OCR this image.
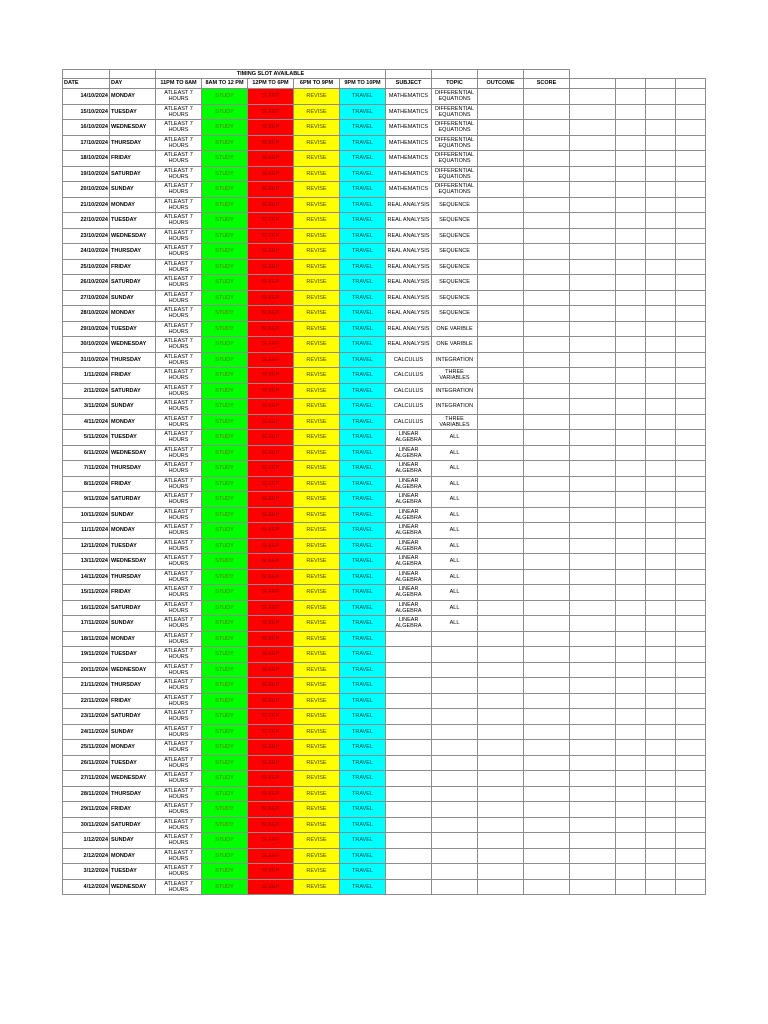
		TIMING SLOT AVAILABLE												
DATE	DAY	11PM TO 8AM	8AM TO 12 PM	12PM TO 6PM	6PM TO 9PM	9PM TO 10PM	SUBJECT	TOPIC	OUTCOME	SCORE				
14/10/2024	MONDAY	ATLEAST 7 HOURS	STUDY	SLEEP	REVISE	TRAVEL	MATHEMATICS	DIFFERENTIAL EQUATIONS						
15/10/2024	TUESDAY	ATLEAST 7 HOURS	STUDY	SLEEP	REVISE	TRAVEL	MATHEMATICS	DIFFERENTIAL EQUATIONS						
16/10/2024	WEDNESDAY	ATLEAST 7 HOURS	STUDY	SLEEP	REVISE	TRAVEL	MATHEMATICS	DIFFERENTIAL EQUATIONS						
17/10/2024	THURSDAY	ATLEAST 7 HOURS	STUDY	SLEEP	REVISE	TRAVEL	MATHEMATICS	DIFFERENTIAL EQUATIONS						
18/10/2024	FRIDAY	ATLEAST 7 HOURS	STUDY	SLEEP	REVISE	TRAVEL	MATHEMATICS	DIFFERENTIAL EQUATIONS						
19/10/2024	SATURDAY	ATLEAST 7 HOURS	STUDY	SLEEP	REVISE	TRAVEL	MATHEMATICS	DIFFERENTIAL EQUATIONS						
20/10/2024	SUNDAY	ATLEAST 7 HOURS	STUDY	SLEEP	REVISE	TRAVEL	MATHEMATICS	DIFFERENTIAL EQUATIONS						
21/10/2024	MONDAY	ATLEAST 7 HOURS	STUDY	SLEEP	REVISE	TRAVEL	REAL ANALYSIS	SEQUENCE						
22/10/2024	TUESDAY	ATLEAST 7 HOURS	STUDY	SLEEP	REVISE	TRAVEL	REAL ANALYSIS	SEQUENCE						
23/10/2024	WEDNESDAY	ATLEAST 7 HOURS	STUDY	SLEEP	REVISE	TRAVEL	REAL ANALYSIS	SEQUENCE						
24/10/2024	THURSDAY	ATLEAST 7 HOURS	STUDY	SLEEP	REVISE	TRAVEL	REAL ANALYSIS	SEQUENCE						
25/10/2024	FRIDAY	ATLEAST 7 HOURS	STUDY	SLEEP	REVISE	TRAVEL	REAL ANALYSIS	SEQUENCE						
26/10/2024	SATURDAY	ATLEAST 7 HOURS	STUDY	SLEEP	REVISE	TRAVEL	REAL ANALYSIS	SEQUENCE						
27/10/2024	SUNDAY	ATLEAST 7 HOURS	STUDY	SLEEP	REVISE	TRAVEL	REAL ANALYSIS	SEQUENCE						
28/10/2024	MONDAY	ATLEAST 7 HOURS	STUDY	SLEEP	REVISE	TRAVEL	REAL ANALYSIS	SEQUENCE						
29/10/2024	TUESDAY	ATLEAST 7 HOURS	STUDY	SLEEP	REVISE	TRAVEL	REAL ANALYSIS	ONE VARIBLE						
30/10/2024	WEDNESDAY	ATLEAST 7 HOURS	STUDY	SLEEP	REVISE	TRAVEL	REAL ANALYSIS	ONE VARIBLE						
31/10/2024	THURSDAY	ATLEAST 7 HOURS	STUDY	SLEEP	REVISE	TRAVEL	CALCULUS	INTEGRATION						
1/11/2024	FRIDAY	ATLEAST 7 HOURS	STUDY	SLEEP	REVISE	TRAVEL	CALCULUS	THREE VARIABLES						
2/11/2024	SATURDAY	ATLEAST 7 HOURS	STUDY	SLEEP	REVISE	TRAVEL	CALCULUS	INTEGRATION						
3/11/2024	SUNDAY	ATLEAST 7 HOURS	STUDY	SLEEP	REVISE	TRAVEL	CALCULUS	INTEGRATION						
4/11/2024	MONDAY	ATLEAST 7 HOURS	STUDY	SLEEP	REVISE	TRAVEL	CALCULUS	THREE VARIABLES						
5/11/2024	TUESDAY	ATLEAST 7 HOURS	STUDY	SLEEP	REVISE	TRAVEL	LINEAR ALGEBRA	ALL						
6/11/2024	WEDNESDAY	ATLEAST 7 HOURS	STUDY	SLEEP	REVISE	TRAVEL	LINEAR ALGEBRA	ALL						
7/11/2024	THURSDAY	ATLEAST 7 HOURS	STUDY	SLEEP	REVISE	TRAVEL	LINEAR ALGEBRA	ALL						
8/11/2024	FRIDAY	ATLEAST 7 HOURS	STUDY	SLEEP	REVISE	TRAVEL	LINEAR ALGEBRA	ALL						
9/11/2024	SATURDAY	ATLEAST 7 HOURS	STUDY	SLEEP	REVISE	TRAVEL	LINEAR ALGEBRA	ALL						
10/11/2024	SUNDAY	ATLEAST 7 HOURS	STUDY	SLEEP	REVISE	TRAVEL	LINEAR ALGEBRA	ALL						
11/11/2024	MONDAY	ATLEAST 7 HOURS	STUDY	SLEEP	REVISE	TRAVEL	LINEAR ALGEBRA	ALL						
12/11/2024	TUESDAY	ATLEAST 7 HOURS	STUDY	SLEEP	REVISE	TRAVEL	LINEAR ALGEBRA	ALL						
13/11/2024	WEDNESDAY	ATLEAST 7 HOURS	STUDY	SLEEP	REVISE	TRAVEL	LINEAR ALGEBRA	ALL						
14/11/2024	THURSDAY	ATLEAST 7 HOURS	STUDY	SLEEP	REVISE	TRAVEL	LINEAR ALGEBRA	ALL						
15/11/2024	FRIDAY	ATLEAST 7 HOURS	STUDY	SLEEP	REVISE	TRAVEL	LINEAR ALGEBRA	ALL						
16/11/2024	SATURDAY	ATLEAST 7 HOURS	STUDY	SLEEP	REVISE	TRAVEL	LINEAR ALGEBRA	ALL						
17/11/2024	SUNDAY	ATLEAST 7 HOURS	STUDY	SLEEP	REVISE	TRAVEL	LINEAR ALGEBRA	ALL						
18/11/2024	MONDAY	ATLEAST 7 HOURS	STUDY	SLEEP	REVISE	TRAVEL								
19/11/2024	TUESDAY	ATLEAST 7 HOURS	STUDY	SLEEP	REVISE	TRAVEL								
20/11/2024	WEDNESDAY	ATLEAST 7 HOURS	STUDY	SLEEP	REVISE	TRAVEL								
21/11/2024	THURSDAY	ATLEAST 7 HOURS	STUDY	SLEEP	REVISE	TRAVEL								
22/11/2024	FRIDAY	ATLEAST 7 HOURS	STUDY	SLEEP	REVISE	TRAVEL								
23/11/2024	SATURDAY	ATLEAST 7 HOURS	STUDY	SLEEP	REVISE	TRAVEL								
24/11/2024	SUNDAY	ATLEAST 7 HOURS	STUDY	SLEEP	REVISE	TRAVEL								
25/11/2024	MONDAY	ATLEAST 7 HOURS	STUDY	SLEEP	REVISE	TRAVEL								
26/11/2024	TUESDAY	ATLEAST 7 HOURS	STUDY	SLEEP	REVISE	TRAVEL								
27/11/2024	WEDNESDAY	ATLEAST 7 HOURS	STUDY	SLEEP	REVISE	TRAVEL								
28/11/2024	THURSDAY	ATLEAST 7 HOURS	STUDY	SLEEP	REVISE	TRAVEL								
29/11/2024	FRIDAY	ATLEAST 7 HOURS	STUDY	SLEEP	REVISE	TRAVEL								
30/11/2024	SATURDAY	ATLEAST 7 HOURS	STUDY	SLEEP	REVISE	TRAVEL								
1/12/2024	SUNDAY	ATLEAST 7 HOURS	STUDY	SLEEP	REVISE	TRAVEL								
2/12/2024	MONDAY	ATLEAST 7 HOURS	STUDY	SLEEP	REVISE	TRAVEL								
3/12/2024	TUESDAY	ATLEAST 7 HOURS	STUDY	SLEEP	REVISE	TRAVEL								
4/12/2024	WEDNESDAY	ATLEAST 7 HOURS	STUDY	SLEEP	REVISE	TRAVEL								
